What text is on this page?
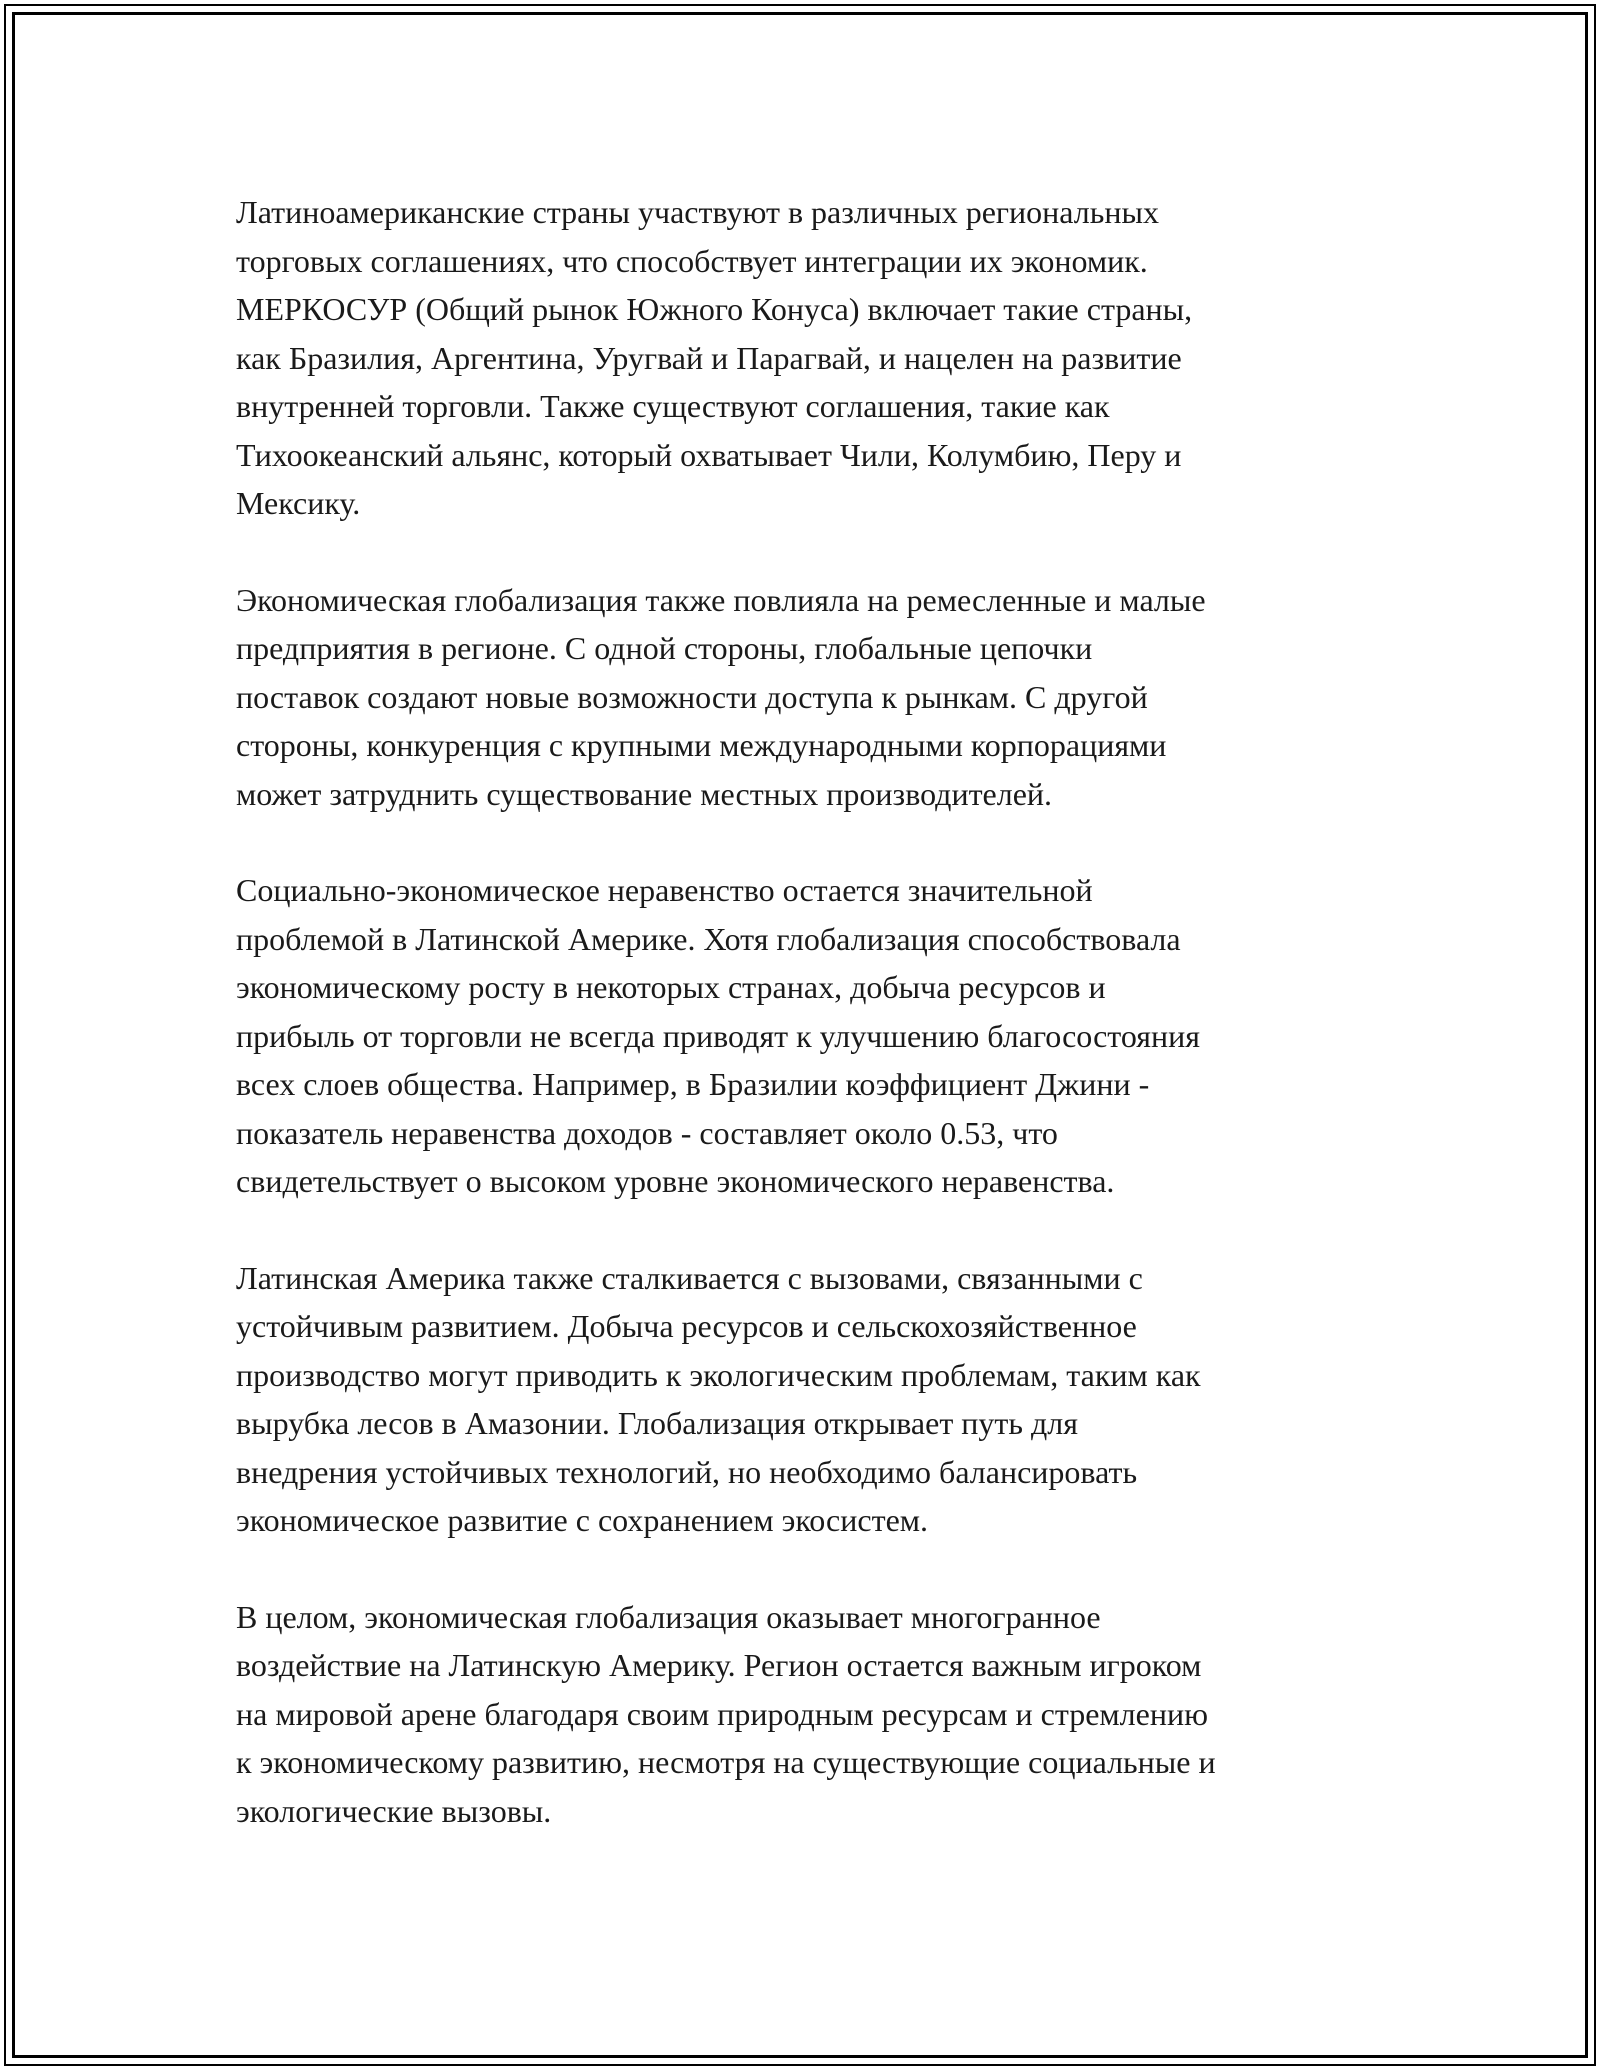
Латиноамериканские страны участвуют в различных региональных
торговых соглашениях, что способствует интеграции их экономик.
МЕРКОСУР (Общий рынок Южного Конуса) включает такие страны,
как Бразилия, Аргентина, Уругвай и Парагвай, и нацелен на развитие
внутренней торговли. Также существуют соглашения, такие как
Тихоокеанский альянс, который охватывает Чили, Колумбию, Перу и
Мексику.

Экономическая глобализация также повлияла на ремесленные и малые
предприятия в регионе. С одной стороны, глобальные цепочки
поставок создают новые возможности доступа к рынкам. С другой
стороны, конкуренция с крупными международными корпорациями
может затруднить существование местных производителей.

Социально-экономическое неравенство остается значительной
проблемой в Латинской Америке. Хотя глобализация способствовала
экономическому росту в некоторых странах, добыча ресурсов и
прибыль от торговли не всегда приводят к улучшению благосостояния
всех слоев общества. Например, в Бразилии коэффициент Джини -
показатель неравенства доходов - составляет около 0.53, что
свидетельствует о высоком уровне экономического неравенства.

Латинская Америка также сталкивается с вызовами, связанными с
устойчивым развитием. Добыча ресурсов и сельскохозяйственное
производство могут приводить к экологическим проблемам, таким как
вырубка лесов в Амазонии. Глобализация открывает путь для
внедрения устойчивых технологий, но необходимо балансировать
экономическое развитие с сохранением экосистем.

В целом, экономическая глобализация оказывает многогранное
воздействие на Латинскую Америку. Регион остается важным игроком
на мировой арене благодаря своим природным ресурсам и стремлению
к экономическому развитию, несмотря на существующие социальные и
экологические вызовы.
